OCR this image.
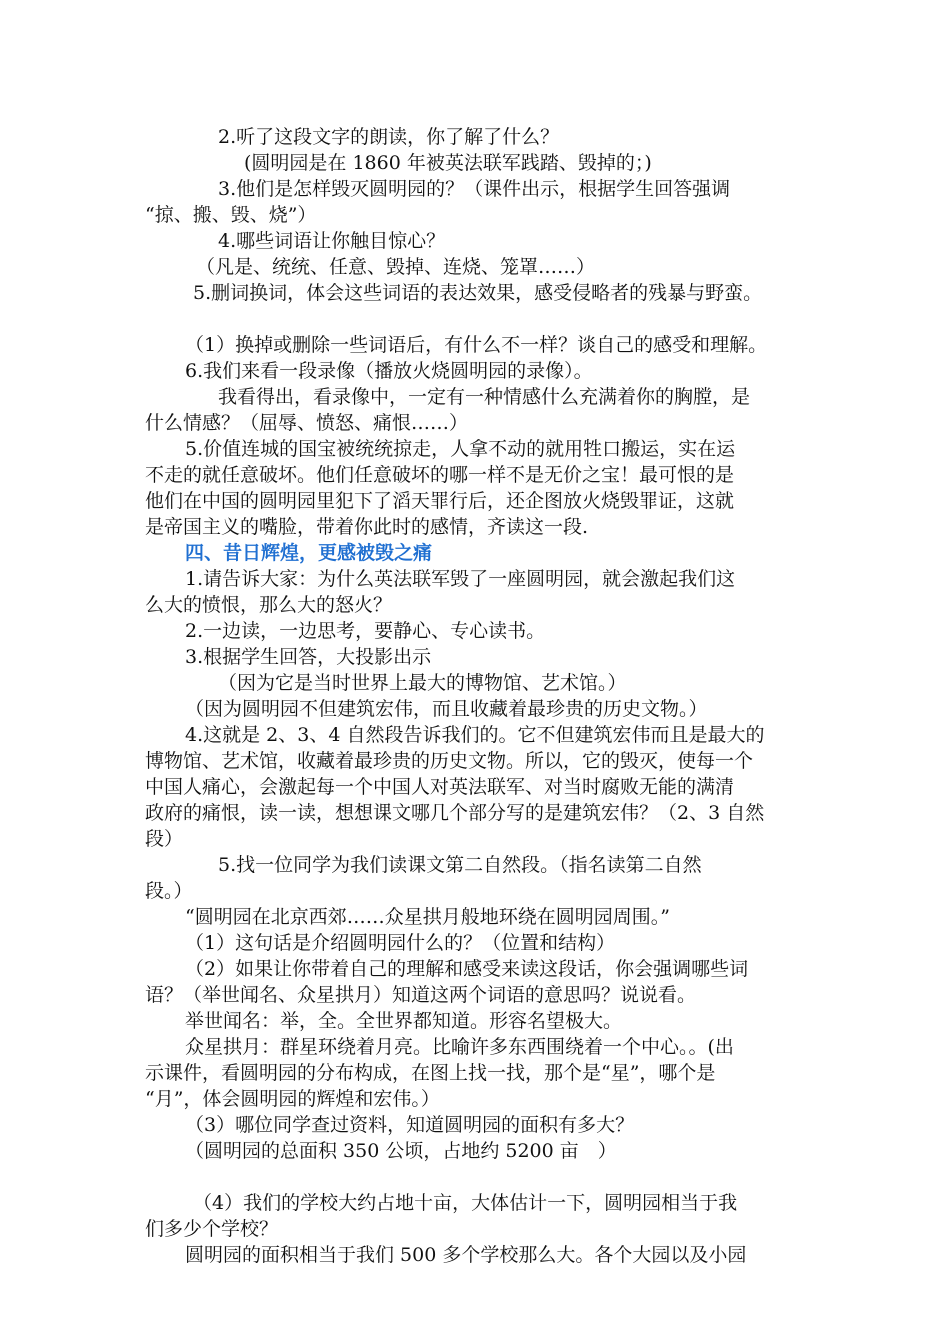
2.听了这段文字的朗读，你了解了什么？
(圆明园是在 1860 年被英法联军践踏、毁掉的；)
3.他们是怎样毁灭圆明园的？（课件出示，根据学生回答强调
“掠、搬、毁、烧”）
4.哪些词语让你触目惊心？
（凡是、统统、任意、毁掉、连烧、笼罩……）
5.删词换词，体会这些词语的表达效果，感受侵略者的残暴与野蛮。
（1）换掉或删除一些词语后，有什么不一样？谈自己的感受和理解。
6.我们来看一段录像（播放火烧圆明园的录像）。
我看得出，看录像中，一定有一种情感什么充满着你的胸膛，是
什么情感？（屈辱、愤怒、痛恨……）
5.价值连城的国宝被统统掠走，人拿不动的就用牲口搬运，实在运
不走的就任意破坏。他们任意破坏的哪一样不是无价之宝！最可恨的是
他们在中国的圆明园里犯下了滔天罪行后，还企图放火烧毁罪证，这就
是帝国主义的嘴脸，带着你此时的感情，齐读这一段.
四、昔日辉煌，更感被毁之痛
1.请告诉大家：为什么英法联军毁了一座圆明园，就会激起我们这
么大的愤恨，那么大的怒火？
2.一边读，一边思考，要静心、专心读书。
3.根据学生回答，大投影出示
（因为它是当时世界上最大的博物馆、艺术馆。）
（因为圆明园不但建筑宏伟，而且收藏着最珍贵的历史文物。）
4.这就是 2、3、4 自然段告诉我们的。它不但建筑宏伟而且是最大的
博物馆、艺术馆，收藏着最珍贵的历史文物。所以，它的毁灭，使每一个
中国人痛心，会激起每一个中国人对英法联军、对当时腐败无能的满清
政府的痛恨，读一读，想想课文哪几个部分写的是建筑宏伟？（2、3 自然
段）
5.找一位同学为我们读课文第二自然段。（指名读第二自然
段。）
“圆明园在北京西郊……众星拱月般地环绕在圆明园周围。”
（1）这句话是介绍圆明园什么的？（位置和结构）
（2）如果让你带着自己的理解和感受来读这段话，你会强调哪些词
语？（举世闻名、众星拱月）知道这两个词语的意思吗？说说看。
举世闻名：举，全。全世界都知道。形容名望极大。
众星拱月：群星环绕着月亮。比喻许多东西围绕着一个中心。。(出
示课件，看圆明园的分布构成，在图上找一找，那个是“星”，哪个是
“月”，体会圆明园的辉煌和宏伟。）
（3）哪位同学查过资料，知道圆明园的面积有多大？
（圆明园的总面积 350 公顷，占地约 5200 亩　）
（4）我们的学校大约占地十亩，大体估计一下，圆明园相当于我
们多少个学校？
圆明园的面积相当于我们 500 多个学校那么大。各个大园以及小园
